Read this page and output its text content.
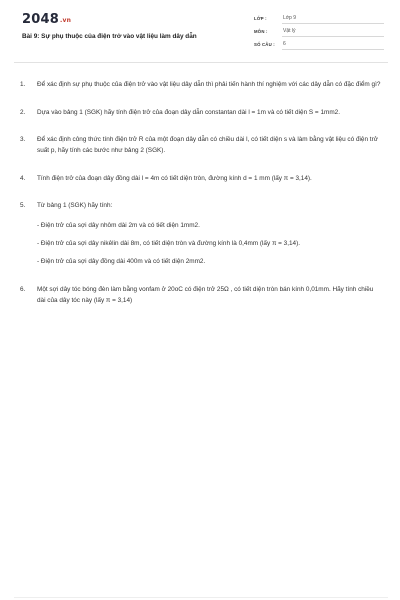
2048.vn
Bài 9: Sự phụ thuộc của điện trở vào vật liệu làm dây dẫn
LỚP :	Lớp 9
MÔN :	Vật lý
SỐ CÂU : 6
1. Để xác định sự phụ thuộc của điện trở vào vật liệu dây dẫn thì phải tiến hành thí nghiệm với các dây dẫn có đặc điểm gì?

2. Dựa vào bảng 1 (SGK) hãy tính điện trở của đoạn dây dẫn constantan dài l = 1m và có tiết diện S = 1mm2.

3. Để xác định công thức tính điện trở R của một đoạn dây dẫn có chiều dài l, có tiết diện s và làm bằng vật liệu có điện trở suất p, hãy tính các bước như bảng 2 (SGK).

4. Tính điện trở của đoạn dây đồng dài l = 4m có tiết diện tròn, đường kính d = 1 mm (lấy π = 3,14).

5. Từ bảng 1 (SGK) hãy tính:

- Điện trở của sợi dây nhôm dài 2m và có tiết diện 1mm2.

- Điện trở của sợi dây nikêlin dài 8m, có tiết diện tròn và đường kính là 0,4mm (lấy π = 3,14).

- Điện trở của sợi dây đồng dài 400m và có tiết diện 2mm2.

6. Một sợi dây tóc bóng đèn làm bằng vonfam ở 20oC có điện trở 25Ω , có tiết diện tròn bán kính 0,01mm. Hãy tính chiều dài của dây tóc này (lấy π = 3,14)
